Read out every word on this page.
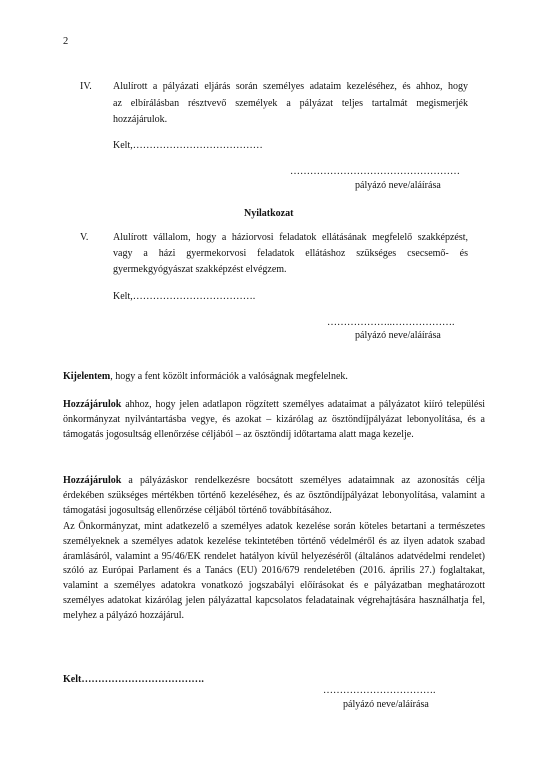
2
IV.	Alulírott a pályázati eljárás során személyes adataim kezeléséhez, és ahhoz, hogy
az elbírálásban résztvevő személyek a pályázat teljes tartalmát megismerjék
hozzájárulok.
Kelt,…………………………………
……………………………………………
pályázó neve/aláírása
Nyilatkozat
V.	Alulírott vállalom, hogy a háziorvosi feladatok ellátásának megfelelő szakképzést,
vagy a házi gyermekorvosi feladatok ellátáshoz szükséges csecsemő- és
gyermekgyógyászat szakképzést elvégzem.
Kelt,……………………………….
………………..……………….
pályázó neve/aláírása
Kijelentem, hogy a fent közölt információk a valóságnak megfelelnek.
Hozzájárulok ahhoz, hogy jelen adatlapon rögzített személyes adataimat a pályázatot kiíró települési önkormányzat nyilvántartásba vegye, és azokat – kizárólag az ösztöndíjpályázat lebonyolítása, és a támogatás jogosultság ellenőrzése céljából – az ösztöndíj időtartama alatt maga kezelje.
Hozzájárulok a pályázáskor rendelkezésre bocsátott személyes adataimnak az azonosítás célja érdekében szükséges mértékben történő kezeléséhez, és az ösztöndíjpályázat lebonyolítása, valamint a támogatási jogosultság ellenőrzése céljából történő továbbításához.
Az Önkormányzat, mint adatkezelő a személyes adatok kezelése során köteles betartani a természetes személyeknek a személyes adatok kezelése tekintetében történő védelméről és az ilyen adatok szabad áramlásáról, valamint a 95/46/EK rendelet hatályon kívül helyezéséről (általános adatvédelmi rendelet) szóló az Európai Parlament és a Tanács (EU) 2016/679 rendeletében (2016. április 27.) foglaltakat, valamint a személyes adatokra vonatkozó jogszabályi előírásokat és e pályázatban meghatározott személyes adatokat kizárólag jelen pályázattal kapcsolatos feladatainak végrehajtására használhatja fel, melyhez a pályázó hozzájárul.
Kelt……………………………….
…………………………….
pályázó neve/aláírása
